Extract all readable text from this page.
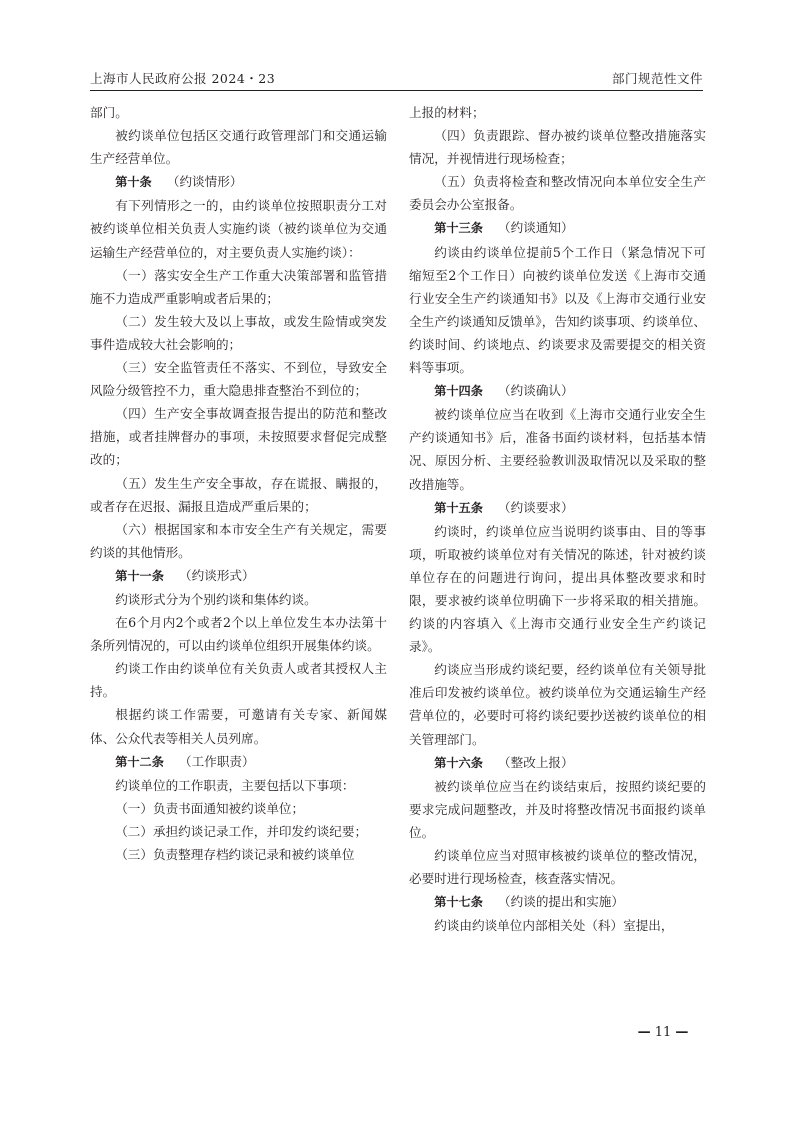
上海市人民政府公报 2024・23	部门规范性文件

部门。

被约谈单位包括区交通行政管理部门和交通运输生产经营单位。

第十条 （约谈情形）

有下列情形之一的，由约谈单位按照职责分工对被约谈单位相关负责人实施约谈（被约谈单位为交通运输生产经营单位的，对主要负责人实施约谈）：

（一）落实安全生产工作重大决策部署和监管措施不力造成严重影响或者后果的；

（二）发生较大及以上事故，或发生险情或突发事件造成较大社会影响的；

（三）安全监管责任不落实、不到位，导致安全风险分级管控不力，重大隐患排查整治不到位的；

（四）生产安全事故调查报告提出的防范和整改措施，或者挂牌督办的事项，未按照要求督促完成整改的；

（五）发生生产安全事故，存在谎报、瞒报的，或者存在迟报、漏报且造成严重后果的；

（六）根据国家和本市安全生产有关规定，需要约谈的其他情形。

第十一条 （约谈形式）

约谈形式分为个别约谈和集体约谈。

在6个月内2个或者2个以上单位发生本办法第十条所列情况的，可以由约谈单位组织开展集体约谈。

约谈工作由约谈单位有关负责人或者其授权人主持。

根据约谈工作需要，可邀请有关专家、新闻媒体、公众代表等相关人员列席。

第十二条 （工作职责）

约谈单位的工作职责，主要包括以下事项：

（一）负责书面通知被约谈单位；

（二）承担约谈记录工作，并印发约谈纪要；

（三）负责整理存档约谈记录和被约谈单位

上报的材料；

（四）负责跟踪、督办被约谈单位整改措施落实情况，并视情进行现场检查；

（五）负责将检查和整改情况向本单位安全生产委员会办公室报备。

第十三条 （约谈通知）

约谈由约谈单位提前5个工作日（紧急情况下可缩短至2个工作日）向被约谈单位发送《上海市交通行业安全生产约谈通知书》以及《上海市交通行业安全生产约谈通知反馈单》，告知约谈事项、约谈单位、约谈时间、约谈地点、约谈要求及需要提交的相关资料等事项。

第十四条 （约谈确认）

被约谈单位应当在收到《上海市交通行业安全生产约谈通知书》后，准备书面约谈材料，包括基本情况、原因分析、主要经验教训汲取情况以及采取的整改措施等。

第十五条 （约谈要求）

约谈时，约谈单位应当说明约谈事由、目的等事项，听取被约谈单位对有关情况的陈述，针对被约谈单位存在的问题进行询问，提出具体整改要求和时限，要求被约谈单位明确下一步将采取的相关措施。约谈的内容填入《上海市交通行业安全生产约谈记录》。

约谈应当形成约谈纪要，经约谈单位有关领导批准后印发被约谈单位。被约谈单位为交通运输生产经营单位的，必要时可将约谈纪要抄送被约谈单位的相关管理部门。

第十六条 （整改上报）

被约谈单位应当在约谈结束后，按照约谈纪要的要求完成问题整改，并及时将整改情况书面报约谈单位。

约谈单位应当对照审核被约谈单位的整改情况，必要时进行现场检查，核查落实情况。

第十七条 （约谈的提出和实施）

约谈由约谈单位内部相关处（科）室提出，

— 11 —
